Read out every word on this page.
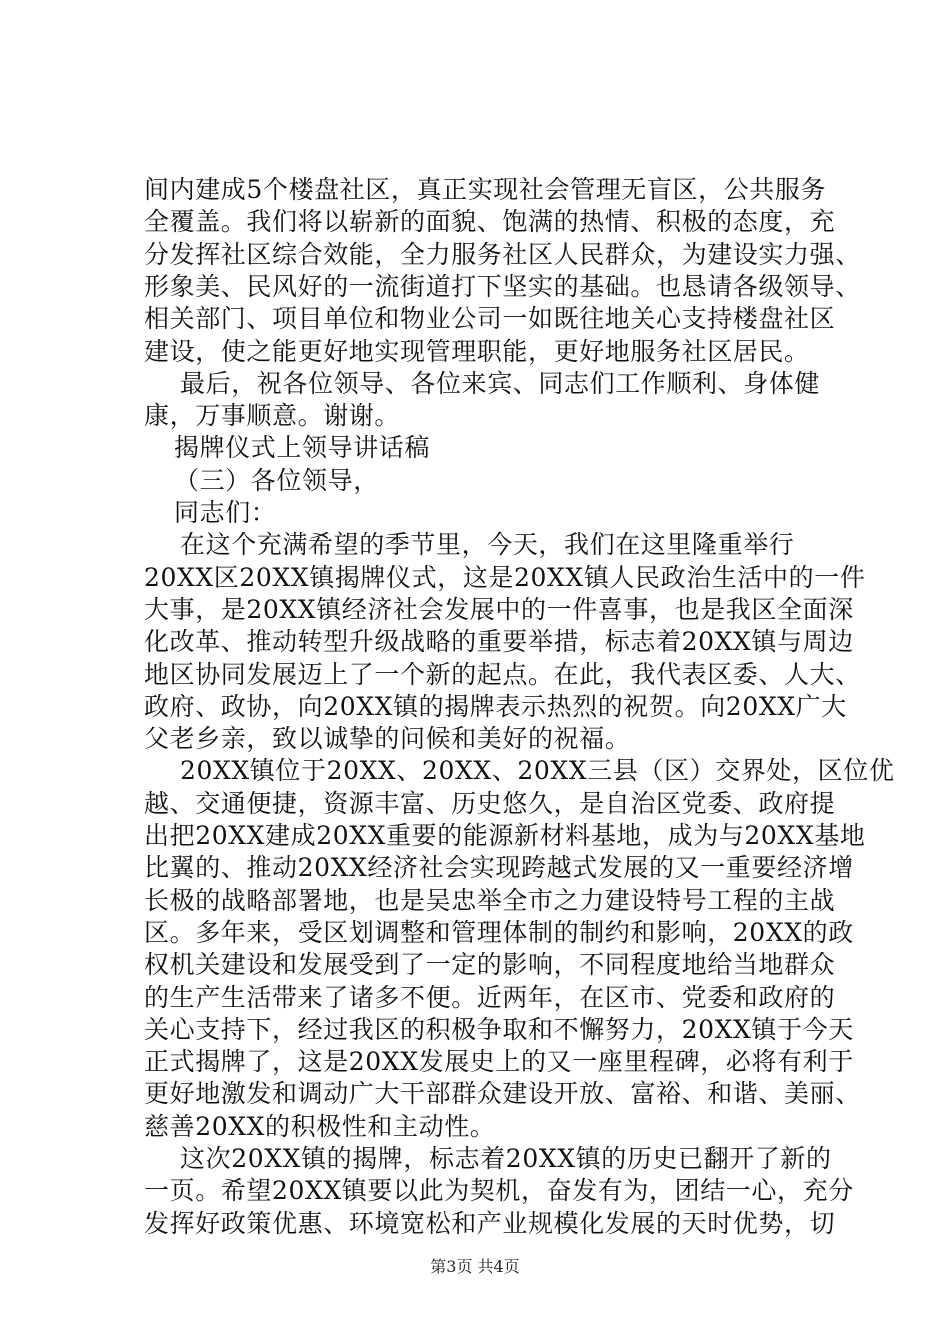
间内建成5个楼盘社区，真正实现社会管理无盲区，公共服务
全覆盖。我们将以崭新的面貌、饱满的热情、积极的态度，充
分发挥社区综合效能，全力服务社区人民群众，为建设实力强、
形象美、民风好的一流街道打下坚实的基础。也恳请各级领导、
相关部门、项目单位和物业公司一如既往地关心支持楼盘社区
建设，使之能更好地实现管理职能，更好地服务社区居民。
最后，祝各位领导、各位来宾、同志们工作顺利、身体健
康，万事顺意。谢谢。
揭牌仪式上领导讲话稿
（三）各位领导，
同志们：
在这个充满希望的季节里，今天，我们在这里隆重举行
20XX区20XX镇揭牌仪式，这是20XX镇人民政治生活中的一件
大事，是20XX镇经济社会发展中的一件喜事，也是我区全面深
化改革、推动转型升级战略的重要举措，标志着20XX镇与周边
地区协同发展迈上了一个新的起点。在此，我代表区委、人大、
政府、政协，向20XX镇的揭牌表示热烈的祝贺。向20XX广大
父老乡亲，致以诚挚的问候和美好的祝福。
20XX镇位于20XX、20XX、20XX三县（区）交界处，区位优
越、交通便捷，资源丰富、历史悠久，是自治区党委、政府提
出把20XX建成20XX重要的能源新材料基地，成为与20XX基地
比翼的、推动20XX经济社会实现跨越式发展的又一重要经济增
长极的战略部署地，也是吴忠举全市之力建设特号工程的主战
区。多年来，受区划调整和管理体制的制约和影响，20XX的政
权机关建设和发展受到了一定的影响，不同程度地给当地群众
的生产生活带来了诸多不便。近两年，在区市、党委和政府的
关心支持下，经过我区的积极争取和不懈努力，20XX镇于今天
正式揭牌了，这是20XX发展史上的又一座里程碑，必将有利于
更好地激发和调动广大干部群众建设开放、富裕、和谐、美丽、
慈善20XX的积极性和主动性。
这次20XX镇的揭牌，标志着20XX镇的历史已翻开了新的
一页。希望20XX镇要以此为契机，奋发有为，团结一心，充分
发挥好政策优惠、环境宽松和产业规模化发展的天时优势，切
第3页 共4页
